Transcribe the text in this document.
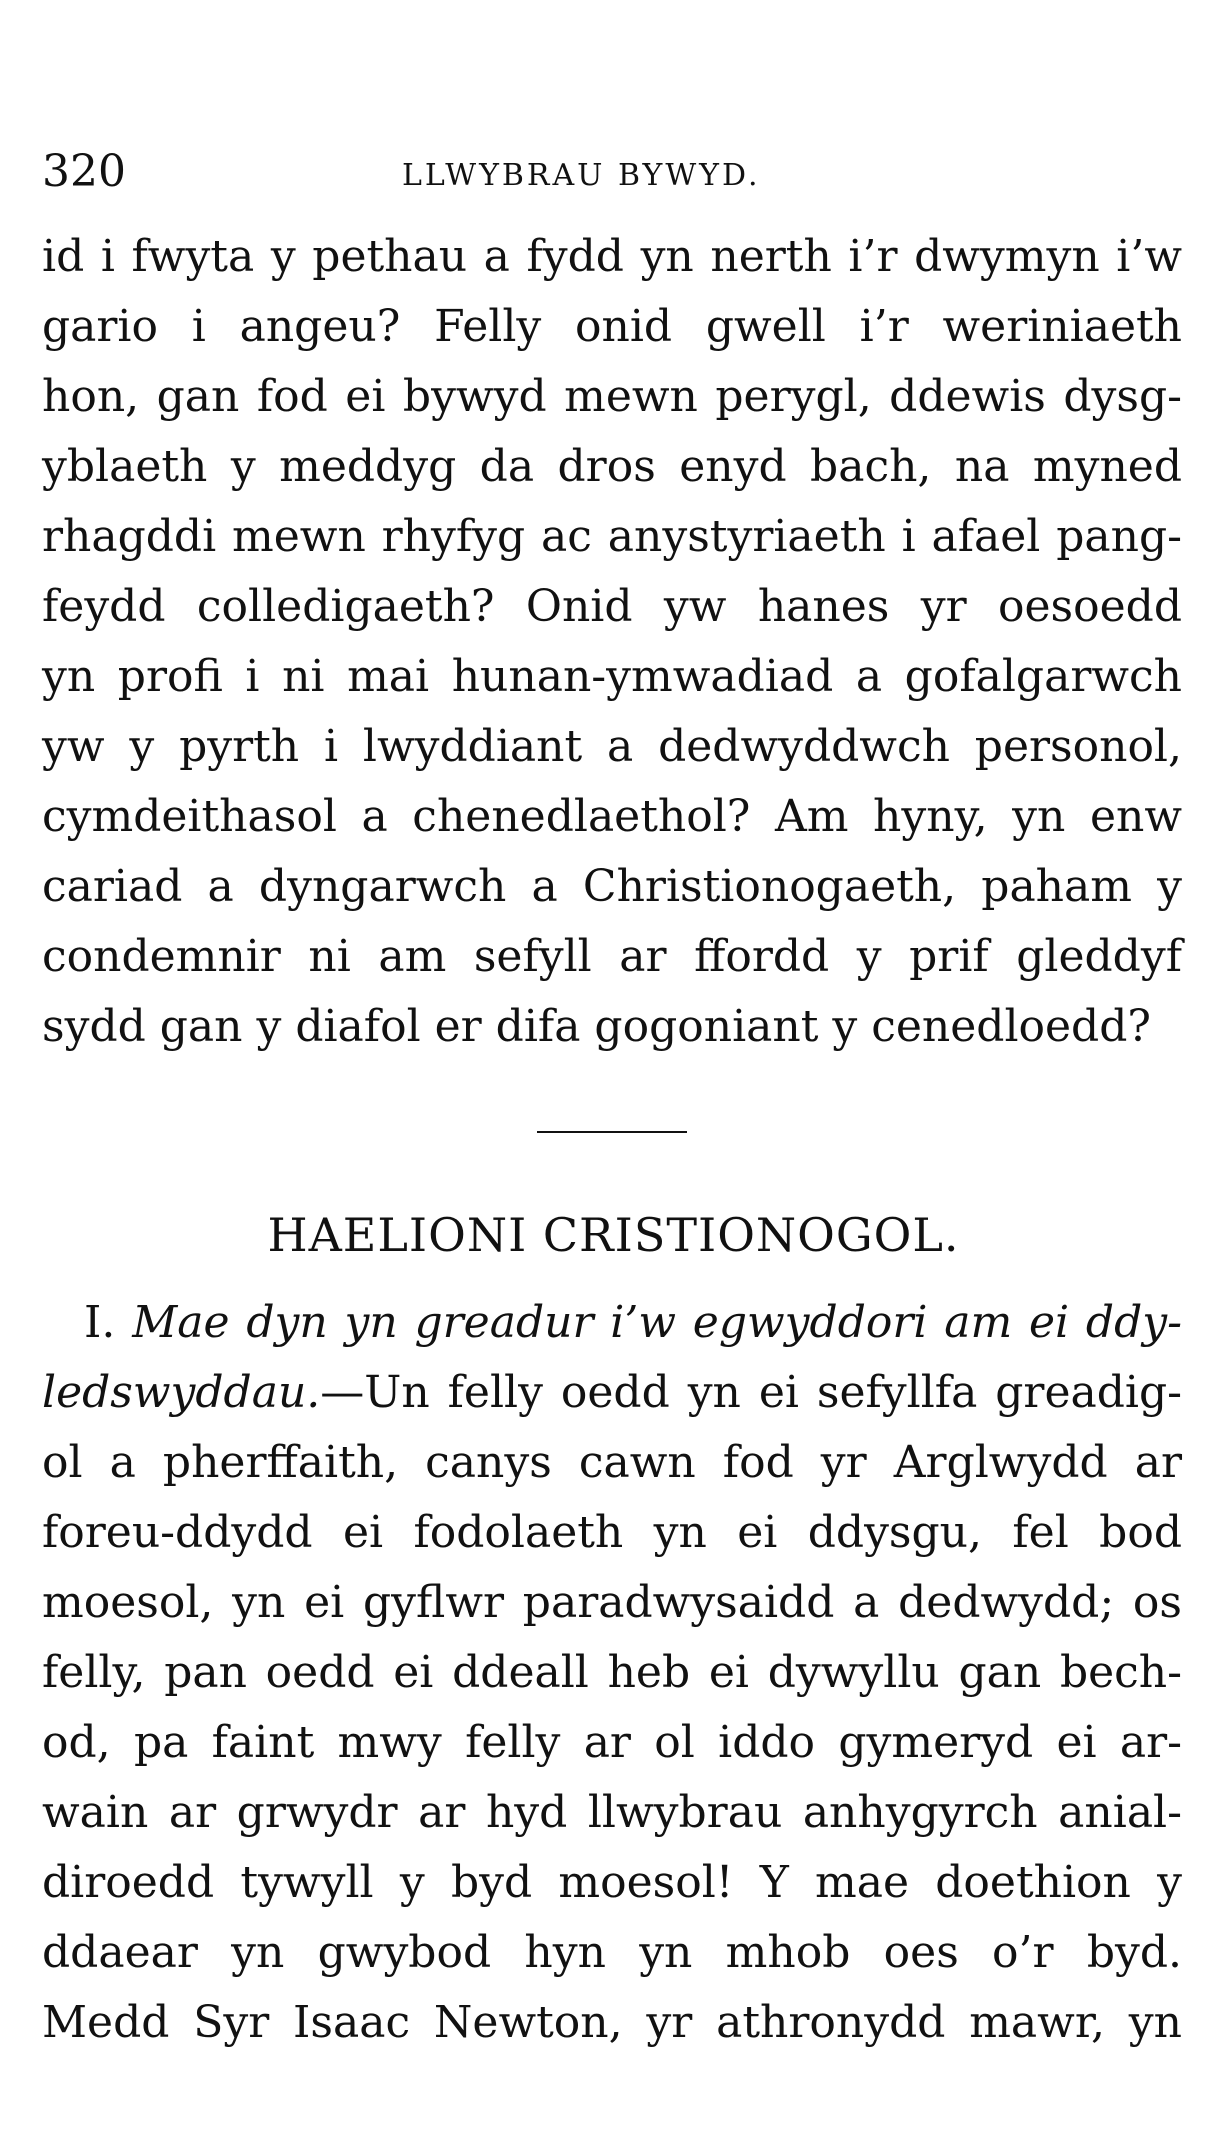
320	LLWYBRAU BYWYD.
id i fwyta y pethau a fydd yn nerth i’r dwymyn i’w
gario i angeu? Felly onid gwell i’r weriniaeth
hon, gan fod ei bywyd mewn perygl, ddewis dysg-
yblaeth y meddyg da dros enyd bach, na myned
rhagddi mewn rhyfyg ac anystyriaeth i afael pang-
feydd colledigaeth? Onid yw hanes yr oesoedd
yn profi i ni mai hunan-ymwadiad a gofalgarwch
yw y pyrth i lwyddiant a dedwyddwch personol,
cymdeithasol a chenedlaethol? Am hyny, yn enw
cariad a dyngarwch a Christionogaeth, paham y
condemnir ni am sefyll ar ffordd y prif gleddyf
sydd gan y diafol er difa gogoniant y cenedloedd?
HAELIONI CRISTIONOGOL.
I. Mae dyn yn greadur i’w egwyddori am ei ddy-
ledswyddau.—Un felly oedd yn ei sefyllfa greadig-
ol a pherffaith, canys cawn fod yr Arglwydd ar
foreu-ddydd ei fodolaeth yn ei ddysgu, fel bod
moesol, yn ei gyflwr paradwysaidd a dedwydd; os
felly, pan oedd ei ddeall heb ei dywyllu gan bech-
od, pa faint mwy felly ar ol iddo gymeryd ei ar-
wain ar grwydr ar hyd llwybrau anhygyrch anial-
diroedd tywyll y byd moesol! Y mae doethion y
ddaear yn gwybod hyn yn mhob oes o’r byd.
Medd Syr Isaac Newton, yr athronydd mawr, yn
